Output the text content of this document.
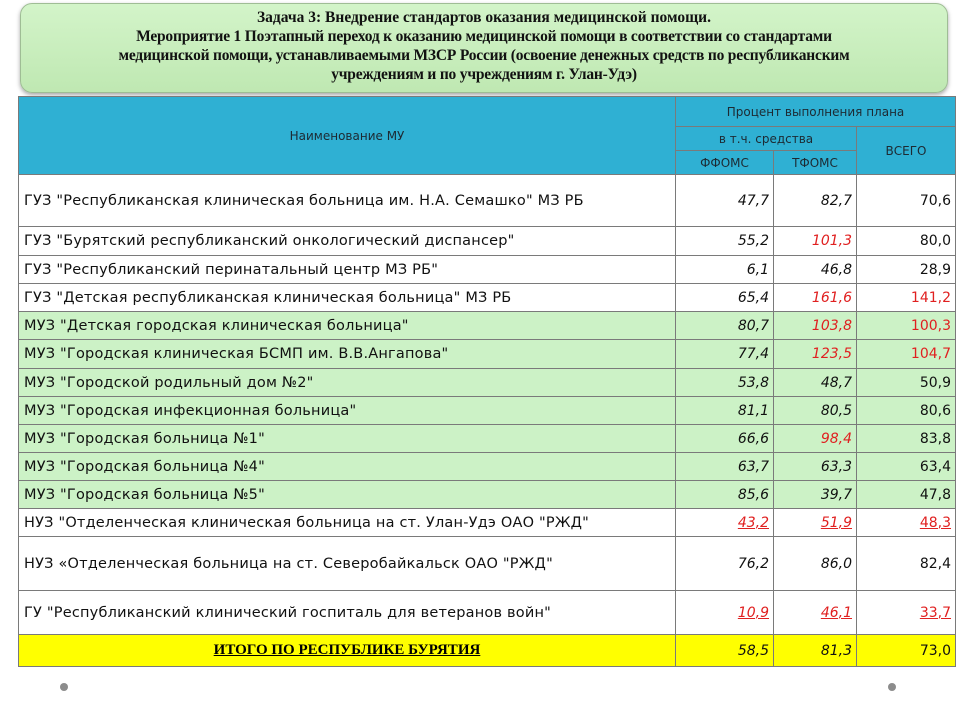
Задача 3: Внедрение стандартов оказания медицинской помощи.
Мероприятие 1 Поэтапный переход к оказанию медицинской помощи в соответствии со стандартами
медицинской помощи, устанавливаемыми МЗСР России (освоение денежных средств по республиканским
учреждениям и по учреждениям г. Улан-Удэ)
Наименование МУ	Процент выполнения плана		
	в т.ч. средства		ВСЕГО
	ФФОМС	ТФОМС	
ГУЗ "Республиканская клиническая больница им. Н.А. Семашко" МЗ РБ	47,7	82,7	70,6
ГУЗ "Бурятский республиканский онкологический диспансер"	55,2	101,3	80,0
ГУЗ "Республиканский перинатальный центр МЗ РБ"	6,1	46,8	28,9
ГУЗ "Детская республиканская клиническая больница" МЗ РБ	65,4	161,6	141,2
МУЗ "Детская городская клиническая больница"	80,7	103,8	100,3
МУЗ "Городская клиническая БСМП им. В.В.Ангапова"	77,4	123,5	104,7
МУЗ "Городской родильный дом №2"	53,8	48,7	50,9
МУЗ "Городская инфекционная больница"	81,1	80,5	80,6
МУЗ "Городская больница №1"	66,6	98,4	83,8
МУЗ "Городская больница №4"	63,7	63,3	63,4
МУЗ "Городская больница №5"	85,6	39,7	47,8
НУЗ "Отделенческая клиническая больница на ст. Улан-Удэ ОАО "РЖД"	43,2	51,9	48,3
НУЗ «Отделенческая больница на ст. Северобайкальск ОАО "РЖД"	76,2	86,0	82,4
ГУ "Республиканский клинический госпиталь для ветеранов войн"	10,9	46,1	33,7
ИТОГО ПО РЕСПУБЛИКЕ БУРЯТИЯ	58,5	81,3	73,0
